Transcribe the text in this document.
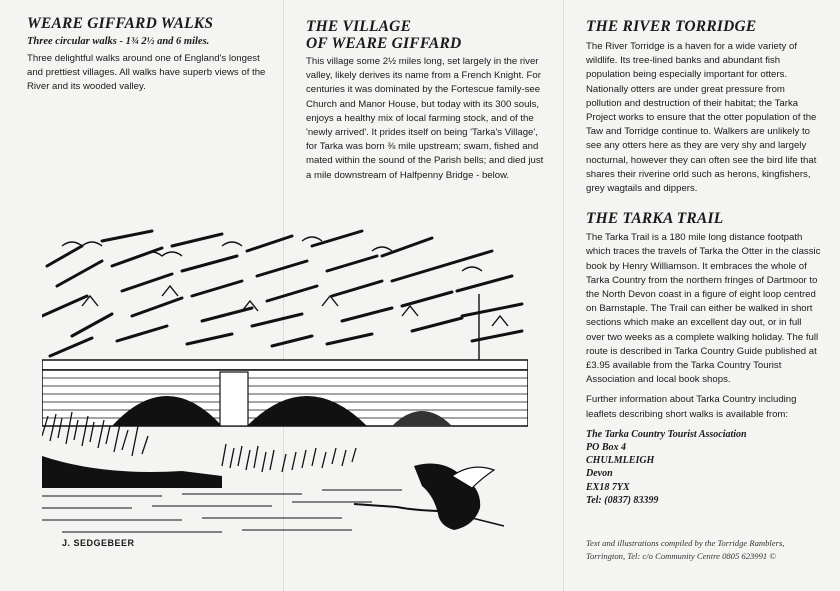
WEARE GIFFARD WALKS
Three circular walks - 1¾ 2½ and 6 miles.

Three delightful walks around one of England's longest and prettiest villages. All walks have superb views of the River and its wooded valley.

THE VILLAGE
OF WEARE GIFFARD

This village some 2½ miles long, set largely in the river valley, likely derives its name from a French Knight. For centuries it was dominated by the Fortescue family-see Church and Manor House, but today with its 300 souls, enjoys a healthy mix of local farming stock, and of the 'newly arrived'. It prides itself on being 'Tarka's Village', for Tarka was born ⅜ mile upstream; swam, fished and mated within the sound of the Parish bells; and died just a mile downstream of Halfpenny Bridge - below.

J. SEDGEBEER
THE RIVER TORRIDGE

The River Torridge is a haven for a wide variety of wildlife. Its tree-lined banks and abundant fish population being especially important for otters. Nationally otters are under great pressure from pollution and destruction of their habitat; the Tarka Project works to ensure that the otter population of the Taw and Torridge continue to. Walkers are unlikely to see any otters here as they are very shy and largely nocturnal, however they can often see the bird life that shares their riverine orld such as herons, kingfishers, grey wagtails and dippers.

THE TARKA TRAIL

The Tarka Trail is a 180 mile long distance footpath which traces the travels of Tarka the Otter in the classic book by Henry Williamson. It embraces the whole of Tarka Country from the northern fringes of Dartmoor to the North Devon coast in a figure of eight loop centred on Barnstaple. The Trail can either be walked in short sections which make an excellent day out, or in full over two weeks as a complete walking holiday. The full route is described in Tarka Country Guide published at £3.95 available from the Tarka Country Tourist Association and local book shops.

Further information about Tarka Country including leaflets describing short walks is available from:

The Tarka Country Tourist Association
PO Box 4
CHULMLEIGH
Devon
EX18 7YX
Tel: (0837) 83399
Text and illustrations compiled by the Torridge Ramblers,
Torrington, Tel: c/o Community Centre 0805 623991 ©
